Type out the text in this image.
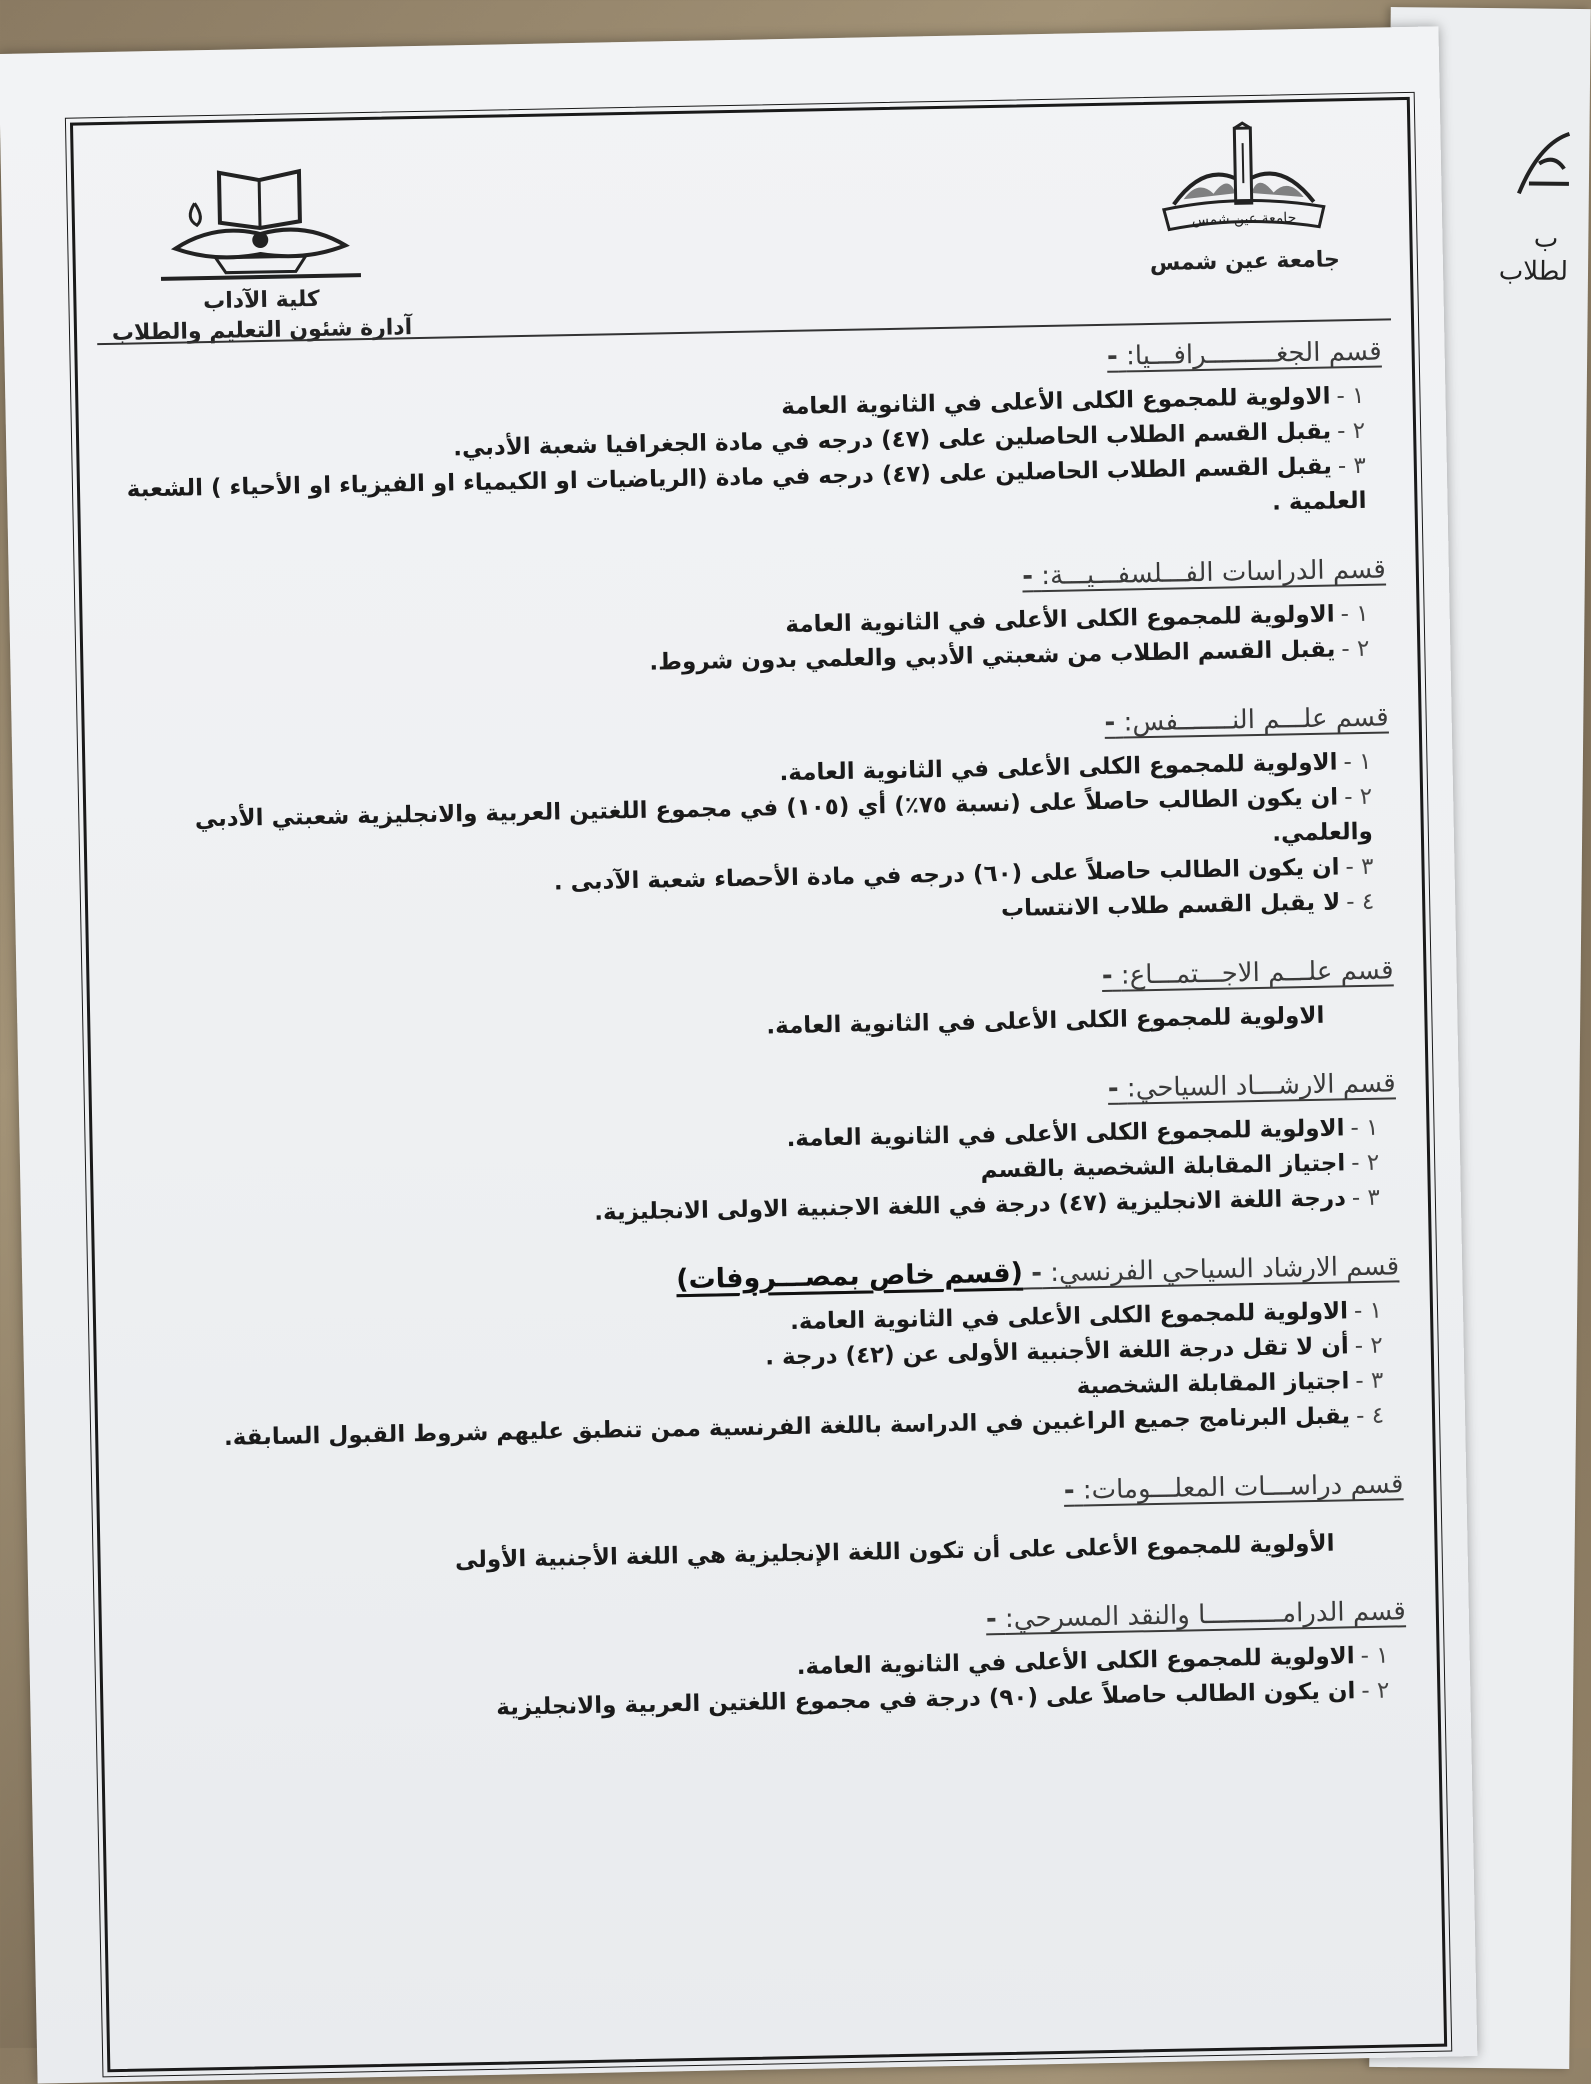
ب
لطلاب
جامعة عين شمس
جامعة عين شمس
كلية الآداب
آدارة شئون التعليم والطلاب

قسم الجغـــــــــرافـــيا: -

١ -الاولوية للمجموع الكلى الأعلى في الثانوية العامة

٢ -يقبل القسم الطلاب الحاصلين على (٤٧) درجه في مادة الجغرافيا شعبة الأدبي.

٣ -يقبل القسم الطلاب الحاصلين على (٤٧) درجه في مادة (الرياضيات او الكيمياء او الفيزياء او الأحياء ) الشعبة العلمية .

قسم الدراسات الفـــلسفـــيـــة: -

١ -الاولوية للمجموع الكلى الأعلى في الثانوية العامة

٢ -يقبل القسم الطلاب من شعبتي الأدبي والعلمي بدون شروط.

قسم علـــم النـــــــفس: -

١ -الاولوية للمجموع الكلى الأعلى في الثانوية العامة.

٢ -ان يكون الطالب حاصلاً على (نسبة ٧٥٪) أي (١٠٥) في مجموع اللغتين العربية والانجليزية شعبتي الأدبي والعلمي.

٣ -ان يكون الطالب حاصلاً على (٦٠) درجه في مادة الأحصاء شعبة الآدبى .

٤ -لا يقبل القسم طلاب الانتساب

قسم علـــم الاجـــتمـــاع: -

الاولوية للمجموع الكلى الأعلى في الثانوية العامة.

قسم الارشـــاد السياحي: -

١ -الاولوية للمجموع الكلى الأعلى في الثانوية العامة.

٢ -اجتياز المقابلة الشخصية بالقسم

٣ -درجة اللغة الانجليزية (٤٧) درجة في اللغة الاجنبية الاولى الانجليزية.

قسم الارشاد السياحي الفرنسي: - (قسم خاص بمصـــروفات)

١ -الاولوية للمجموع الكلى الأعلى في الثانوية العامة.

٢ -أن لا تقل درجة اللغة الأجنبية الأولى عن (٤٢) درجة .

٣ -اجتياز المقابلة الشخصية

٤ -يقبل البرنامج جميع الراغبين في الدراسة باللغة الفرنسية ممن تنطبق عليهم شروط القبول السابقة.

قسم دراســـات المعلـــومات: -

الأولوية للمجموع الأعلى على أن تكون اللغة الإنجليزية هي اللغة الأجنبية الأولى

قسم الدرامــــــــــا والنقد المسرحي: -

١ -الاولوية للمجموع الكلى الأعلى في الثانوية العامة.

٢ -ان يكون الطالب حاصلاً على (٩٠) درجة في مجموع اللغتين العربية والانجليزية
